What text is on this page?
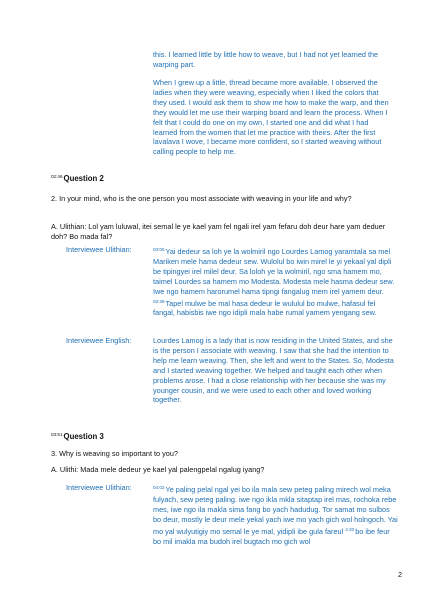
this. I learned little by little how to weave, but I had not yet learned the warping part.
When I grew up a little, thread became more available. I observed the ladies when they were weaving, especially when I liked the colors that they used. I would ask them to show me how to make the warp, and then they would let me use their warping board and learn the process. When I felt that I could do one on my own, I started one and did what I had learned from the women that let me practice with theirs. After the first lavalava I wove, I became more confident, so I started weaving without calling people to help me.
$^{02:46}$Question 2
2. In your mind, who is the one person you most associate with weaving in your life and why?
A. Ulithian: Lol yam luluwal, itei semal le ye kael yam fel ngali irel yam fefaru doh deur hare yam deduer doh? Bo mada fal?
Interviewee Ulithian:	$^{03:05}$Yai dedeur sa loh ye la wolmiril ngo Lourdes Lamog yaramtala sa mel Mariken mele hama dedeur sew. Wulolul bo iwin mirel le yi yekaal yal dipli be tipingyei irel milel deur. Sa loloh ye la wolmiril, ngo sma hamem mo, taimel Lourdes sa hamem mo Modesta. Modesta mele hasma dedeur sew. Iwe ngo hamem harorumel hama tipngi fangalug mem irel yamem deur. $^{03:38}$Tapel mulwe be mal hasa dedeur le wululul bo mulwe, hafasul fel fangal, habisbis iwe ngo idipli mala habe rumal yamem yengang sew.
Interviewee English:	Lourdes Lamog is a lady that is now residing in the United States, and she is the person I associate with weaving. I saw that she had the intention to help me learn weaving. Then, she left and went to the States. So, Modesta and I started weaving together. We helped and taught each other when problems arose. I had a close relationship with her because she was my younger cousin, and we were used to each other and loved working together.
$^{03:51}$Question 3
3. Why is weaving so important to you?
A. Ulithi: Mada mele dedeur ye kael yal palengpelal ngalug iyang?
Interviewee Ulithian:	$^{04:02}$Ye paling pelal ngal yei bo ila mala sew peteg paling mirech wol meka fulyach, sew peteg paling. iwe ngo ikla mkla sitaptap irel mas, rochoka rebe mes, iwe ngo ila makla sima fang bo yach hadudug. Tor samat mo sulbos bo deur, mostly le deur mele yekal yach iwe mo yach gich wol holngoch. Yai mo yal wulyutigiy mo semal le ye mal, yidipli ibe gula fareul $^{4:33}$bo ibe feur bo mil imakla ma budoh irel bugtach mo gich wol
2
